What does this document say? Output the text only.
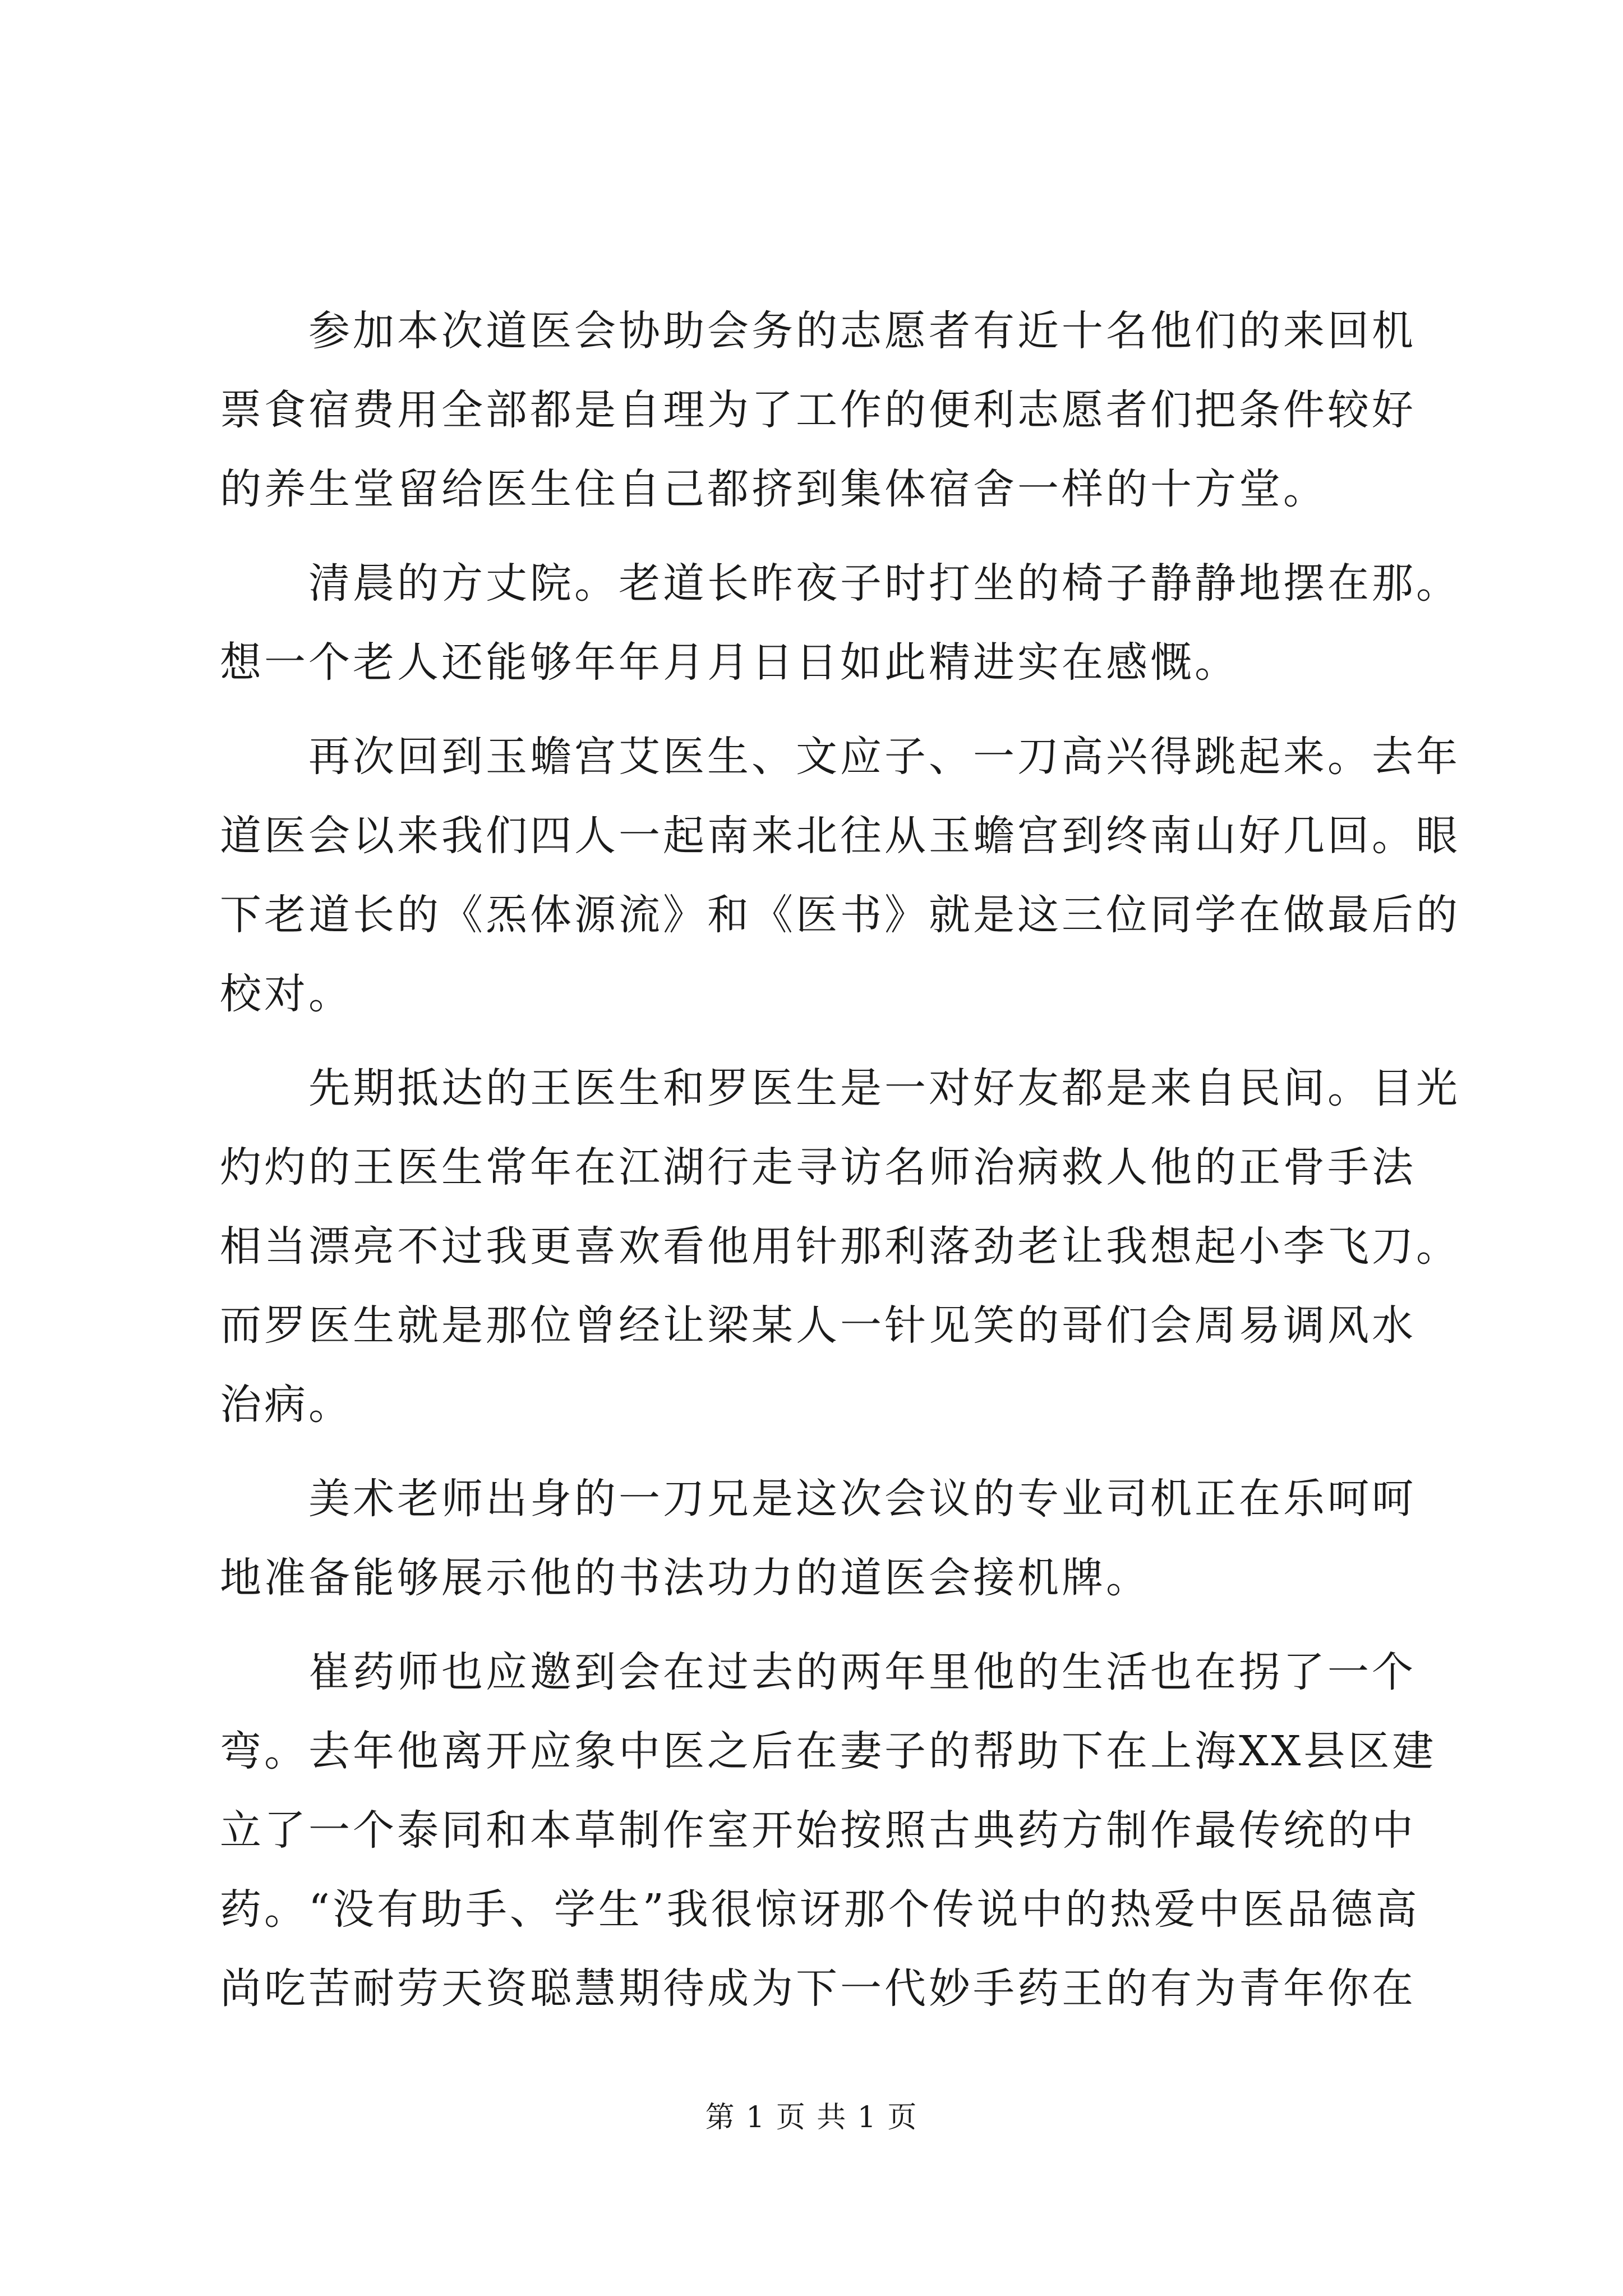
参加本次道医会协助会务的志愿者有近十名他们的来回机
票食宿费用全部都是自理为了工作的便利志愿者们把条件较好
的养生堂留给医生住自己都挤到集体宿舍一样的十方堂。

清晨的方丈院。老道长昨夜子时打坐的椅子静静地摆在那。
想一个老人还能够年年月月日日如此精进实在感慨。

再次回到玉蟾宫艾医生、文应子、一刀高兴得跳起来。去年
道医会以来我们四人一起南来北往从玉蟾宫到终南山好几回。眼
下老道长的《炁体源流》和《医书》就是这三位同学在做最后的
校对。

先期抵达的王医生和罗医生是一对好友都是来自民间。目光
灼灼的王医生常年在江湖行走寻访名师治病救人他的正骨手法
相当漂亮不过我更喜欢看他用针那利落劲老让我想起小李飞刀。
而罗医生就是那位曾经让梁某人一针见笑的哥们会周易调风水
治病。

美术老师出身的一刀兄是这次会议的专业司机正在乐呵呵
地准备能够展示他的书法功力的道医会接机牌。

崔药师也应邀到会在过去的两年里他的生活也在拐了一个
弯。去年他离开应象中医之后在妻子的帮助下在上海XX县区建
立了一个泰同和本草制作室开始按照古典药方制作最传统的中
药。“没有助手、学生”我很惊讶那个传说中的热爱中医品德高
尚吃苦耐劳天资聪慧期待成为下一代妙手药王的有为青年你在

第 1 页 共 1 页
